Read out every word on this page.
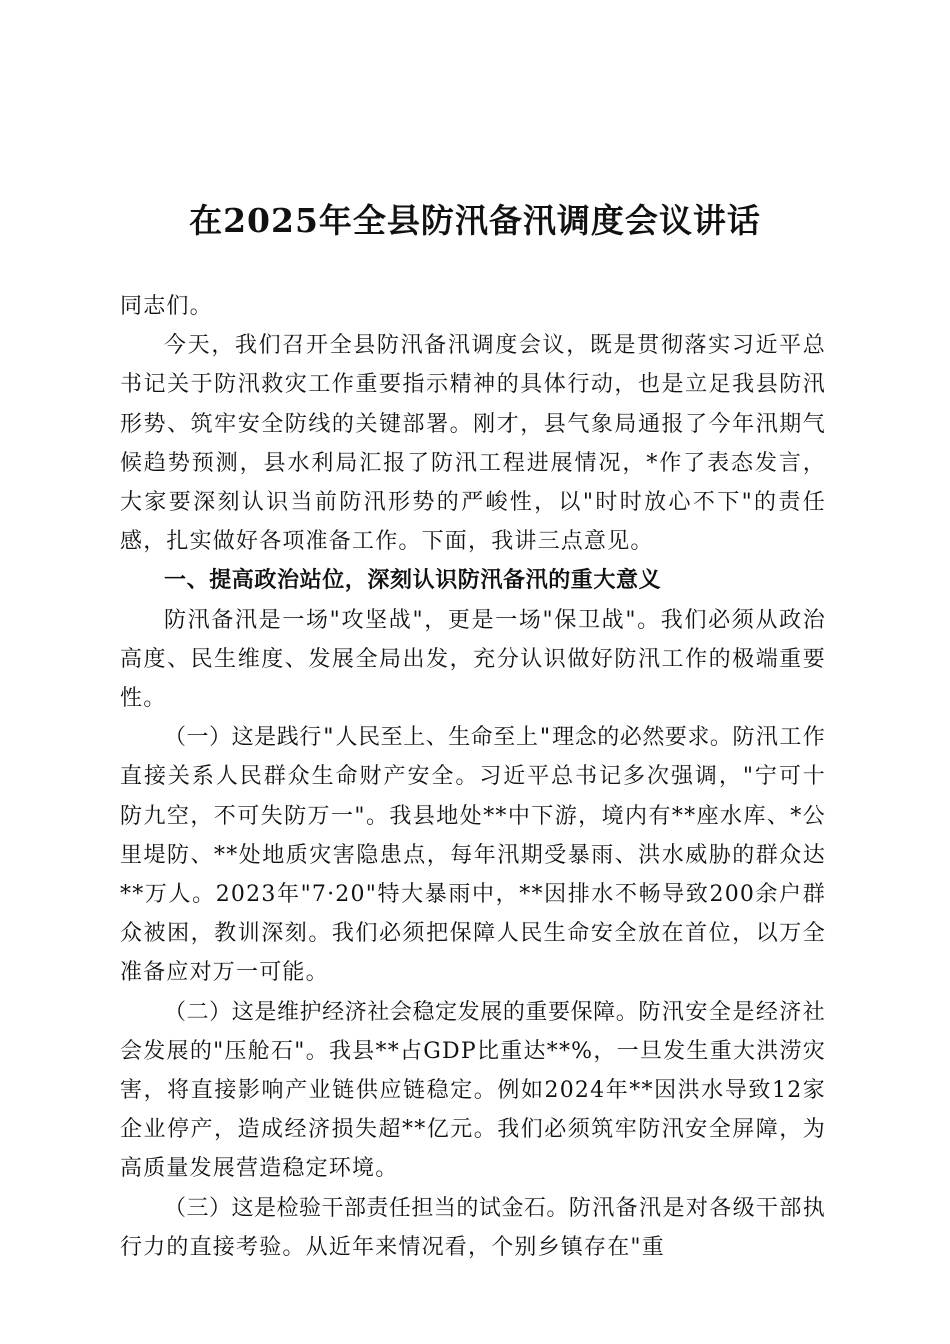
在2025年全县防汛备汛调度会议讲话

同志们。

今天，我们召开全县防汛备汛调度会议，既是贯彻落实习近平总书记关于防汛救灾工作重要指示精神的具体行动，也是立足我县防汛形势、筑牢安全防线的关键部署。刚才，县气象局通报了今年汛期气候趋势预测，县水利局汇报了防汛工程进展情况，*作了表态发言，大家要深刻认识当前防汛形势的严峻性，以"时时放心不下"的责任感，扎实做好各项准备工作。下面，我讲三点意见。

一、提高政治站位，深刻认识防汛备汛的重大意义

防汛备汛是一场"攻坚战"，更是一场"保卫战"。我们必须从政治高度、民生维度、发展全局出发，充分认识做好防汛工作的极端重要性。

（一）这是践行"人民至上、生命至上"理念的必然要求。防汛工作直接关系人民群众生命财产安全。习近平总书记多次强调，"宁可十防九空，不可失防万一"。我县地处**中下游，境内有**座水库、*公里堤防、**处地质灾害隐患点，每年汛期受暴雨、洪水威胁的群众达**万人。2023年"7·20"特大暴雨中，**因排水不畅导致200余户群众被困，教训深刻。我们必须把保障人民生命安全放在首位，以万全准备应对万一可能。

（二）这是维护经济社会稳定发展的重要保障。防汛安全是经济社会发展的"压舱石"。我县**占GDP比重达**%，一旦发生重大洪涝灾害，将直接影响产业链供应链稳定。例如2024年**因洪水导致12家企业停产，造成经济损失超**亿元。我们必须筑牢防汛安全屏障，为高质量发展营造稳定环境。

（三）这是检验干部责任担当的试金石。防汛备汛是对各级干部执行力的直接考验。从近年来情况看，个别乡镇存在"重
